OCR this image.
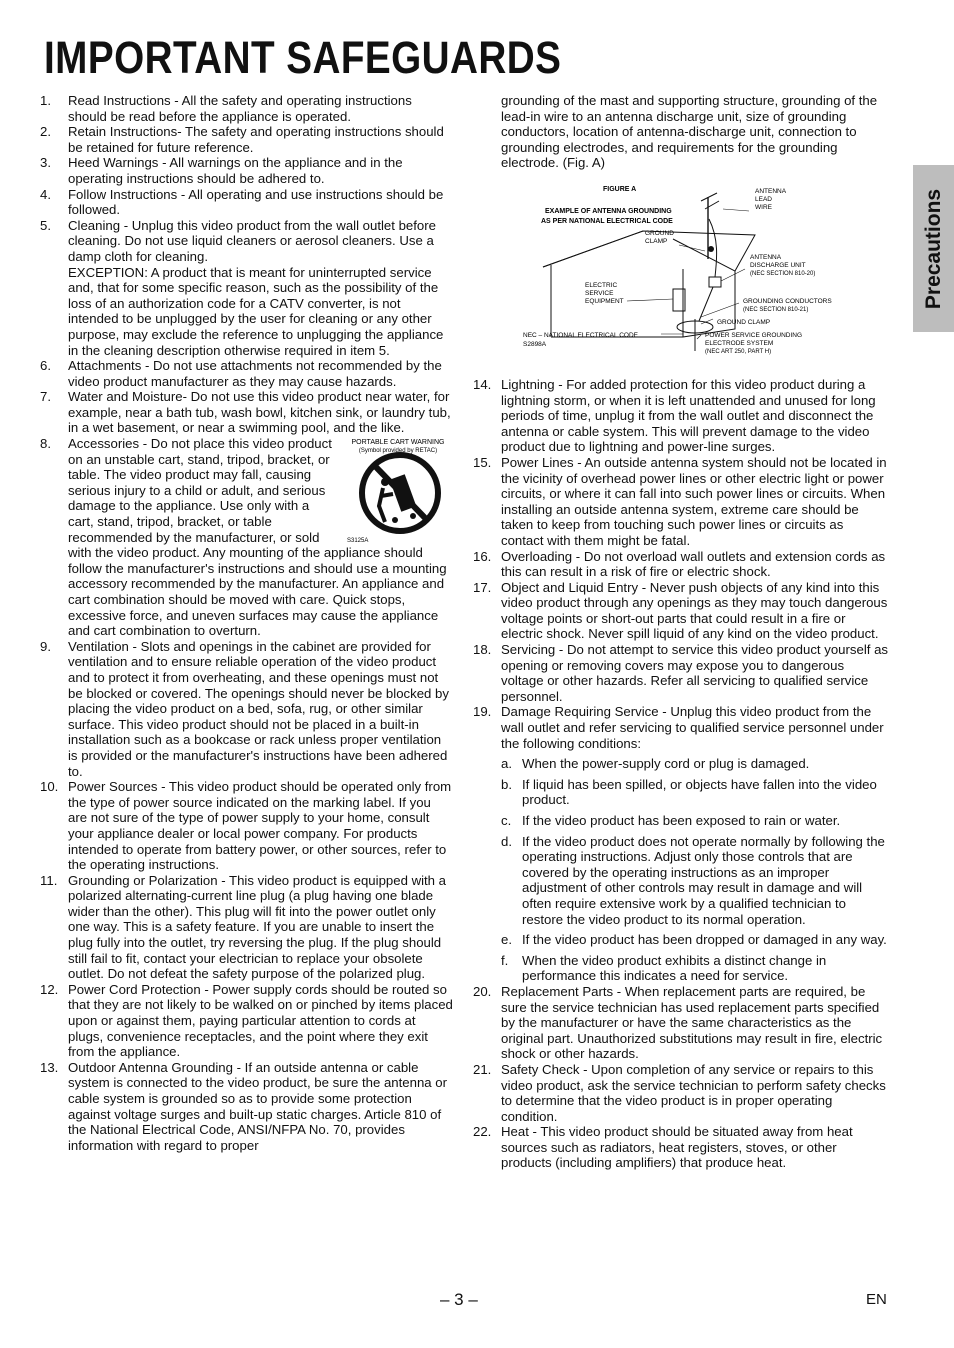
IMPORTANT SAFEGUARDS
Precautions
1.	Read Instructions - All the safety and operating instructions should be read before the appliance is operated.
2.	Retain Instructions- The safety and operating instructions should be retained for future reference.
3.	Heed Warnings - All warnings on the appliance and in the operating instructions should be adhered to.
4.	Follow Instructions - All operating and use instructions should be followed.
5.	Cleaning - Unplug this video product from the wall outlet before cleaning. Do not use liquid cleaners or aerosol cleaners. Use a damp cloth for cleaning.
EXCEPTION: A product that is meant for uninterrupted service and, that for some specific reason, such as the possibility of the loss of an authorization code for a CATV converter, is not intended to be unplugged by the user for cleaning or any other purpose, may exclude the reference to unplugging the appliance in the cleaning description otherwise required in item 5.
6.	Attachments - Do not use attachments not recommended by the video product manufacturer as they may cause hazards.
7.	Water and Moisture- Do not use this video product near water, for example, near a bath tub, wash bowl, kitchen sink, or laundry tub, in a wet basement, or near a swimming pool, and the like.
8.	PORTABLE CART WARNING
(Symbol provided by RETAC)
S3125A
Accessories - Do not place this video product on an unstable cart, stand, tripod, bracket, or table. The video product may fall, causing serious injury to a child or adult, and serious damage to the appliance. Use only with a cart, stand, tripod, bracket, or table recommended by the manufacturer, or sold with the video product. Any mounting of the appliance should follow the manufacturer's instructions and should use a mounting accessory recommended by the manufacturer. An appliance and cart combination should be moved with care. Quick stops, excessive force, and uneven surfaces may cause the appliance and cart combination to overturn.
9.	Ventilation - Slots and openings in the cabinet are provided for ventilation and to ensure reliable operation of the video product and to protect it from overheating, and these openings must not be blocked or covered. The openings should never be blocked by placing the video product on a bed, sofa, rug, or other similar surface. This video product should not be placed in a built-in installation such as a bookcase or rack unless proper ventilation is provided or the manufacturer's instructions have been adhered to.
10. Power Sources - This video product should be operated only from the type of power source indicated on the marking label. If you are not sure of the type of power supply to your home, consult your appliance dealer or local power company. For products intended to operate from battery power, or other sources, refer to the operating instructions.
11. Grounding or Polarization - This video product is equipped with a polarized alternating-current line plug (a plug having one blade wider than the other). This plug will fit into the power outlet only one way. This is a safety feature. If you are unable to insert the plug fully into the outlet, try reversing the plug. If the plug should still fail to fit, contact your electrician to replace your obsolete outlet. Do not defeat the safety purpose of the polarized plug.
12. Power Cord Protection - Power supply cords should be routed so that they are not likely to be walked on or pinched by items placed upon or against them, paying particular attention to cords at plugs, convenience receptacles, and the point where they exit from the appliance.
13. Outdoor Antenna Grounding - If an outside antenna or cable system is connected to the video product, be sure the antenna or cable system is grounded so as to provide some protection against voltage surges and built-up static charges. Article 810 of the National Electrical Code, ANSI/NFPA No. 70, provides information with regard to proper
grounding of the mast and supporting structure, grounding of the lead-in wire to an antenna discharge unit, size of grounding conductors, location of antenna-discharge unit, connection to grounding electrodes, and requirements for the grounding electrode. (Fig. A)
FIGURE A
EXAMPLE OF ANTENNA GROUNDING
AS PER NATIONAL ELECTRICAL CODE
ANTENNA
LEAD
WIRE
GROUND
CLAMP
ANTENNA
DISCHARGE UNIT
(NEC SECTION 810-20)
ELECTRIC
SERVICE
EQUIPMENT	GROUNDING CONDUCTORS
(NEC SECTION 810-21)
GROUND CLAMP
NEC – NATIONAL ELECTRICAL CODE
S2898A
POWER SERVICE GROUNDING
ELECTRODE SYSTEM
(NEC ART 250, PART H)
14. Lightning - For added protection for this video product during a lightning storm, or when it is left unattended and unused for long periods of time, unplug it from the wall outlet and disconnect the antenna or cable system. This will prevent damage to the video product due to lightning and power-line surges.
15. Power Lines - An outside antenna system should not be located in the vicinity of overhead power lines or other electric light or power circuits, or where it can fall into such power lines or circuits. When installing an outside antenna system, extreme care should be taken to keep from touching such power lines or circuits as contact with them might be fatal.
16. Overloading - Do not overload wall outlets and extension cords as this can result in a risk of fire or electric shock.
17. Object and Liquid Entry - Never push objects of any kind into this video product through any openings as they may touch dangerous voltage points or short-out parts that could result in a fire or electric shock. Never spill liquid of any kind on the video product.
18. Servicing - Do not attempt to service this video product yourself as opening or removing covers may expose you to dangerous voltage or other hazards. Refer all servicing to qualified service personnel.
19. Damage Requiring Service - Unplug this video product from the wall outlet and refer servicing to qualified service personnel under the following conditions:
a. When the power-supply cord or plug is damaged.
b. If liquid has been spilled, or objects have fallen into the video product.
c. If the video product has been exposed to rain or water.
d. If the video product does not operate normally by following the operating instructions. Adjust only those controls that are covered by the operating instructions as an improper adjustment of other controls may result in damage and will often require extensive work by a qualified technician to restore the video product to its normal operation.
e. If the video product has been dropped or damaged in any way.
f.	When the video product exhibits a distinct change in performance this indicates a need for service.
20. Replacement Parts - When replacement parts are required, be sure the service technician has used replacement parts specified by the manufacturer or have the same characteristics as the original part. Unauthorized substitutions may result in fire, electric shock or other hazards.
21. Safety Check - Upon completion of any service or repairs to this video product, ask the service technician to perform safety checks to determine that the video product is in proper operating condition.
22. Heat - This video product should be situated away from heat sources such as radiators, heat registers, stoves, or other products (including amplifiers) that produce heat.
– 3 –	EN
